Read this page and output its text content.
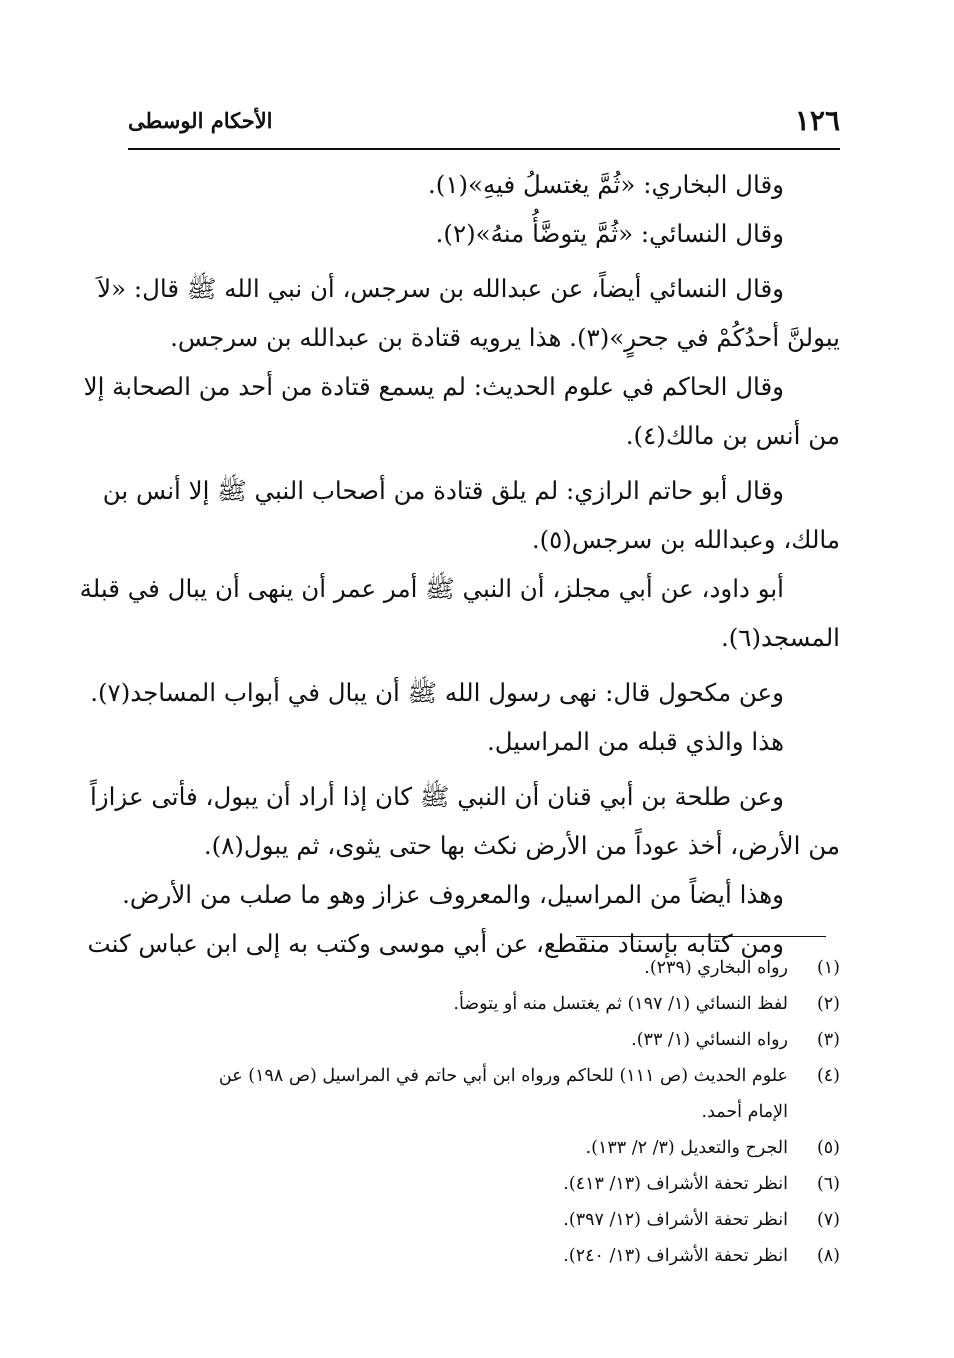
١٢٦
الأحكام الوسطى
وقال البخاري: «ثُمَّ يغتسلُ فيهِ»(١).
وقال النسائي: «ثُمَّ يتوضَّأُ منهُ»(٢).
وقال النسائي أيضاً، عن عبدالله بن سرجس، أن نبي الله ﷺ قال: «لاَ
يبولنَّ أحدُكُمْ في جحرٍ»(٣). هذا يرويه قتادة بن عبدالله بن سرجس.
وقال الحاكم في علوم الحديث: لم يسمع قتادة من أحد من الصحابة إلا
من أنس بن مالك(٤).
وقال أبو حاتم الرازي: لم يلق قتادة من أصحاب النبي ﷺ إلا أنس بن
مالك، وعبدالله بن سرجس(٥).
أبو داود، عن أبي مجلز، أن النبي ﷺ أمر عمر أن ينهى أن يبال في قبلة
المسجد(٦).
وعن مكحول قال: نهى رسول الله ﷺ أن يبال في أبواب المساجد(٧).
هذا والذي قبله من المراسيل.
وعن طلحة بن أبي قنان أن النبي ﷺ كان إذا أراد أن يبول، فأتى عزازاً
من الأرض، أخذ عوداً من الأرض نكث بها حتى يثوى، ثم يبول(٨).
وهذا أيضاً من المراسيل، والمعروف عزاز وهو ما صلب من الأرض.
ومن كتابه بإسناد منقطع، عن أبي موسى وكتب به إلى ابن عباس كنت
(١)
رواه البخاري (٢٣٩).
(٢)
لفظ النسائي (١/ ١٩٧) ثم يغتسل منه أو يتوضأ.
(٣)
رواه النسائي (١/ ٣٣).
(٤)
علوم الحديث (ص ١١١) للحاكم ورواه ابن أبي حاتم في المراسيل (ص ١٩٨) عن
الإمام أحمد.
(٥)
الجرح والتعديل (٣/ ٢/ ١٣٣).
(٦)
انظر تحفة الأشراف (١٣/ ٤١٣).
(٧)
انظر تحفة الأشراف (١٢/ ٣٩٧).
(٨)
انظر تحفة الأشراف (١٣/ ٢٤٠).
